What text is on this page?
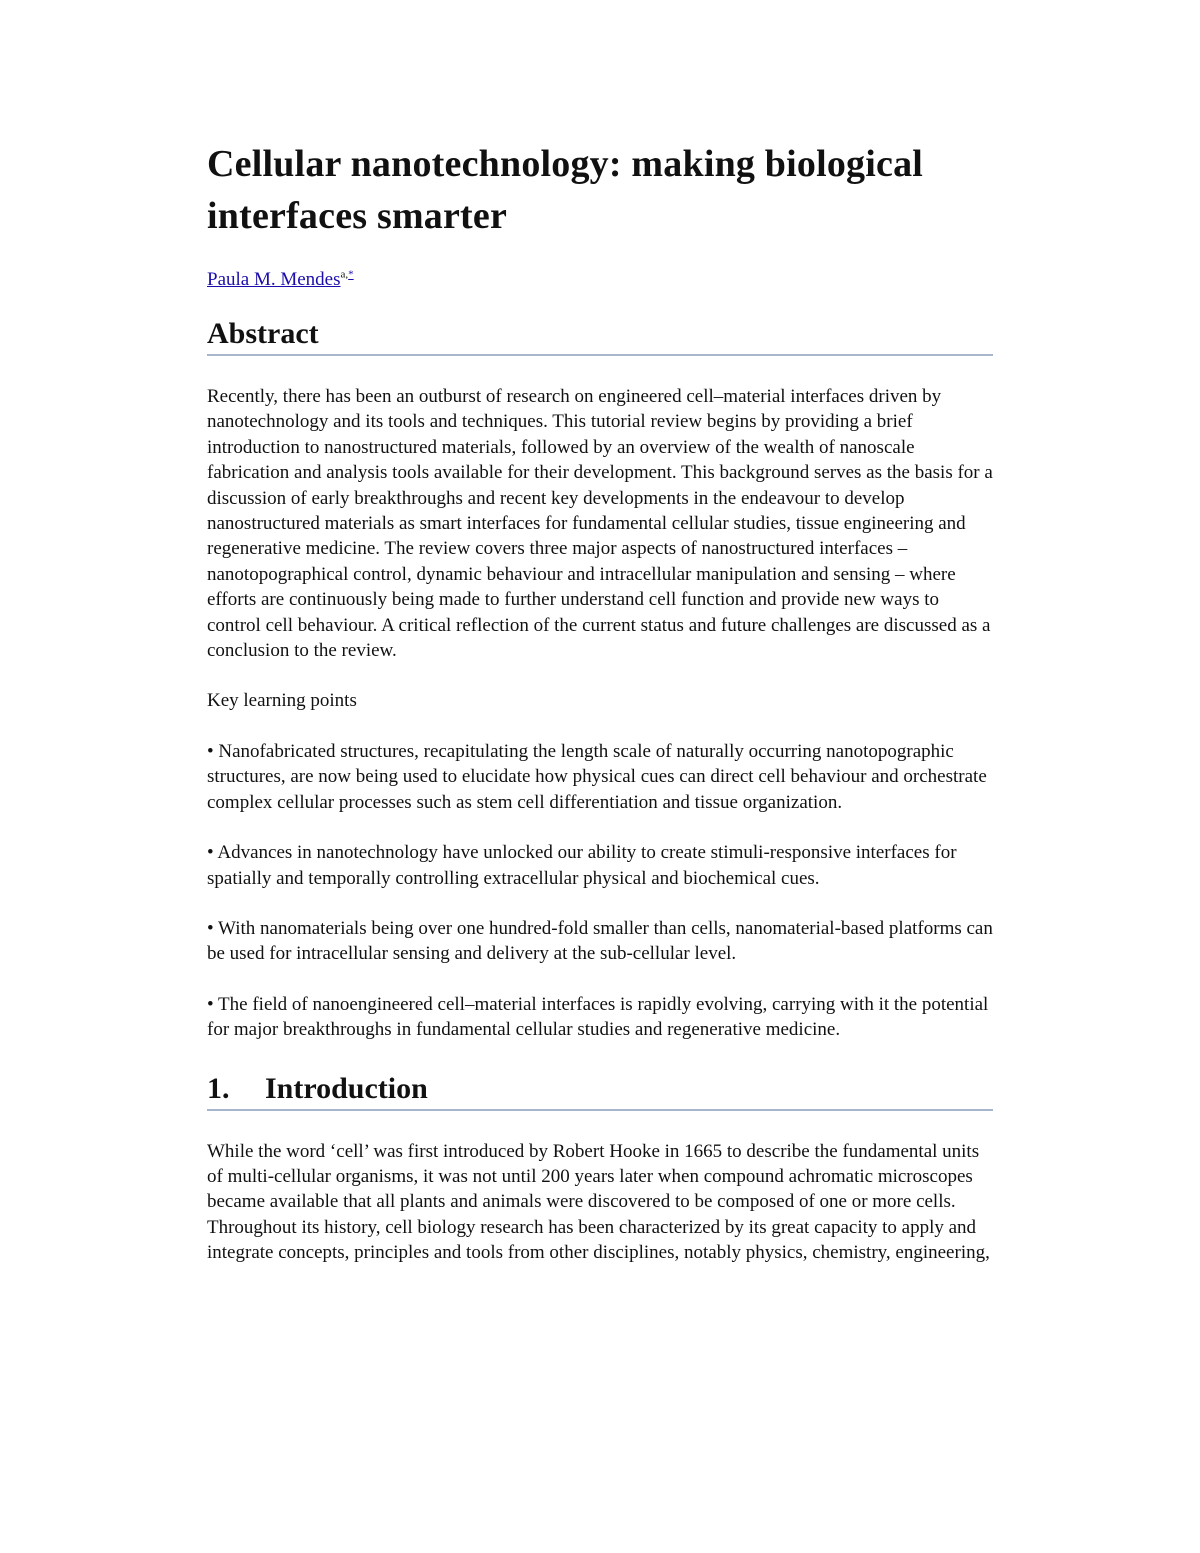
Cellular nanotechnology: making biological interfaces smarter
Paula M. Mendes$^{a,*}$
Abstract

Recently, there has been an outburst of research on engineered cell–material interfaces driven by nanotechnology and its tools and techniques. This tutorial review begins by providing a brief introduction to nanostructured materials, followed by an overview of the wealth of nanoscale fabrication and analysis tools available for their development. This background serves as the basis for a discussion of early breakthroughs and recent key developments in the endeavour to develop nanostructured materials as smart interfaces for fundamental cellular studies, tissue engineering and regenerative medicine. The review covers three major aspects of nanostructured interfaces – nanotopographical control, dynamic behaviour and intracellular manipulation and sensing – where efforts are continuously being made to further understand cell function and provide new ways to control cell behaviour. A critical reflection of the current status and future challenges are discussed as a conclusion to the review.

Key learning points

• Nanofabricated structures, recapitulating the length scale of naturally occurring nanotopographic structures, are now being used to elucidate how physical cues can direct cell behaviour and orchestrate complex cellular processes such as stem cell differentiation and tissue organization.

• Advances in nanotechnology have unlocked our ability to create stimuli-responsive interfaces for spatially and temporally controlling extracellular physical and biochemical cues.

• With nanomaterials being over one hundred-fold smaller than cells, nanomaterial-based platforms can be used for intracellular sensing and delivery at the sub-cellular level.

• The field of nanoengineered cell–material interfaces is rapidly evolving, carrying with it the potential for major breakthroughs in fundamental cellular studies and regenerative medicine.

1. Introduction

While the word ‘cell’ was first introduced by Robert Hooke in 1665 to describe the fundamental units of multi-cellular organisms, it was not until 200 years later when compound achromatic microscopes became available that all plants and animals were discovered to be composed of one or more cells. Throughout its history, cell biology research has been characterized by its great capacity to apply and integrate concepts, principles and tools from other disciplines, notably physics, chemistry, engineering,
